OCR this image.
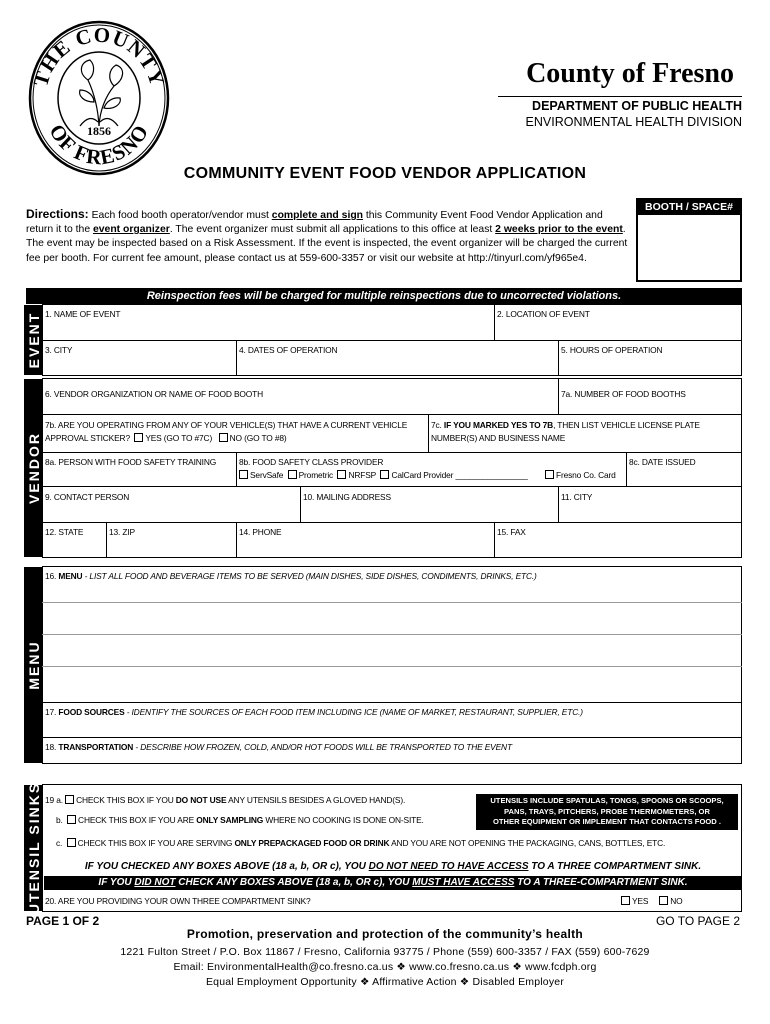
THE COUNTY
OF FRESNO
1856
County of Fresno
DEPARTMENT OF PUBLIC HEALTH
ENVIRONMENTAL HEALTH DIVISION
COMMUNITY EVENT FOOD VENDOR APPLICATION
Directions: Each food booth operator/vendor must complete and sign this Community Event Food Vendor Application and return it to the event organizer. The event organizer must submit all applications to this office at least 2 weeks prior to the event. The event may be inspected based on a Risk Assessment. If the event is inspected, the event organizer will be charged the current fee per booth. For current fee amount, please contact us at 559-600-3357 or visit our website at http://tinyurl.com/yf965e4.
BOOTH / SPACE#
Reinspection fees will be charged for multiple reinspections due to uncorrected violations.
EVENT
VENDOR
MENU
UTENSIL SINKS
1. NAME OF EVENT	2. LOCATION OF EVENT
3. CITY	4. DATES OF OPERATION	5. HOURS OF OPERATION
6. VENDOR ORGANIZATION OR NAME OF FOOD BOOTH	7a. NUMBER OF FOOD BOOTHS
7b. ARE YOU OPERATING FROM ANY OF YOUR VEHICLE(S) THAT HAVE A CURRENT VEHICLE
APPROVAL STICKER? YES (GO TO #7C) NO (GO TO #8)
7c. IF YOU MARKED YES TO 7B, THEN LIST VEHICLE LICENSE PLATE
NUMBER(S) AND BUSINESS NAME
8a. PERSON WITH FOOD SAFETY TRAINING	8b. FOOD SAFETY CLASS PROVIDER
ServSafe Prometric NRFSP CalCard Provider ________________	Fresno Co. Card
8c. DATE ISSUED
9. CONTACT PERSON	10. MAILING ADDRESS	11. CITY
12. STATE	13. ZIP	14. PHONE	15. FAX
16. MENU - LIST ALL FOOD AND BEVERAGE ITEMS TO BE SERVED (MAIN DISHES, SIDE DISHES, CONDIMENTS, DRINKS, ETC.)
17. FOOD SOURCES - IDENTIFY THE SOURCES OF EACH FOOD ITEM INCLUDING ICE (NAME OF MARKET, RESTAURANT, SUPPLIER, ETC.)
18. TRANSPORTATION - DESCRIBE HOW FROZEN, COLD, AND/OR HOT FOODS WILL BE TRANSPORTED TO THE EVENT
19 a. CHECK THIS BOX IF YOU DO NOT USE ANY UTENSILS BESIDES A GLOVED HAND(S).
b. CHECK THIS BOX IF YOU ARE ONLY SAMPLING WHERE NO COOKING IS DONE ON-SITE.
c. CHECK THIS BOX IF YOU ARE SERVING ONLY PREPACKAGED FOOD OR DRINK AND YOU ARE NOT OPENING THE PACKAGING, CANS, BOTTLES, ETC.
UTENSILS INCLUDE SPATULAS, TONGS, SPOONS OR SCOOPS,
PANS, TRAYS, PITCHERS, PROBE THERMOMETERS, OR
OTHER EQUIPMENT OR IMPLEMENT THAT CONTACTS FOOD .
IF YOU CHECKED ANY BOXES ABOVE (18 a, b, OR c), YOU DO NOT NEED TO HAVE ACCESS TO A THREE COMPARTMENT SINK.
IF YOU DID NOT CHECK ANY BOXES ABOVE (18 a, b, OR c), YOU MUST HAVE ACCESS TO A THREE-COMPARTMENT SINK.
20. ARE YOU PROVIDING YOUR OWN THREE COMPARTMENT SINK?	YES	NO
PAGE 1 OF 2	GO TO PAGE 2
Promotion, preservation and protection of the community’s health
1221 Fulton Street / P.O. Box 11867 / Fresno, California 93775 / Phone (559) 600-3357 / FAX (559) 600-7629
Email: EnvironmentalHealth@co.fresno.ca.us ❖ www.co.fresno.ca.us ❖ www.fcdph.org
Equal Employment Opportunity ❖ Affirmative Action ❖ Disabled Employer
